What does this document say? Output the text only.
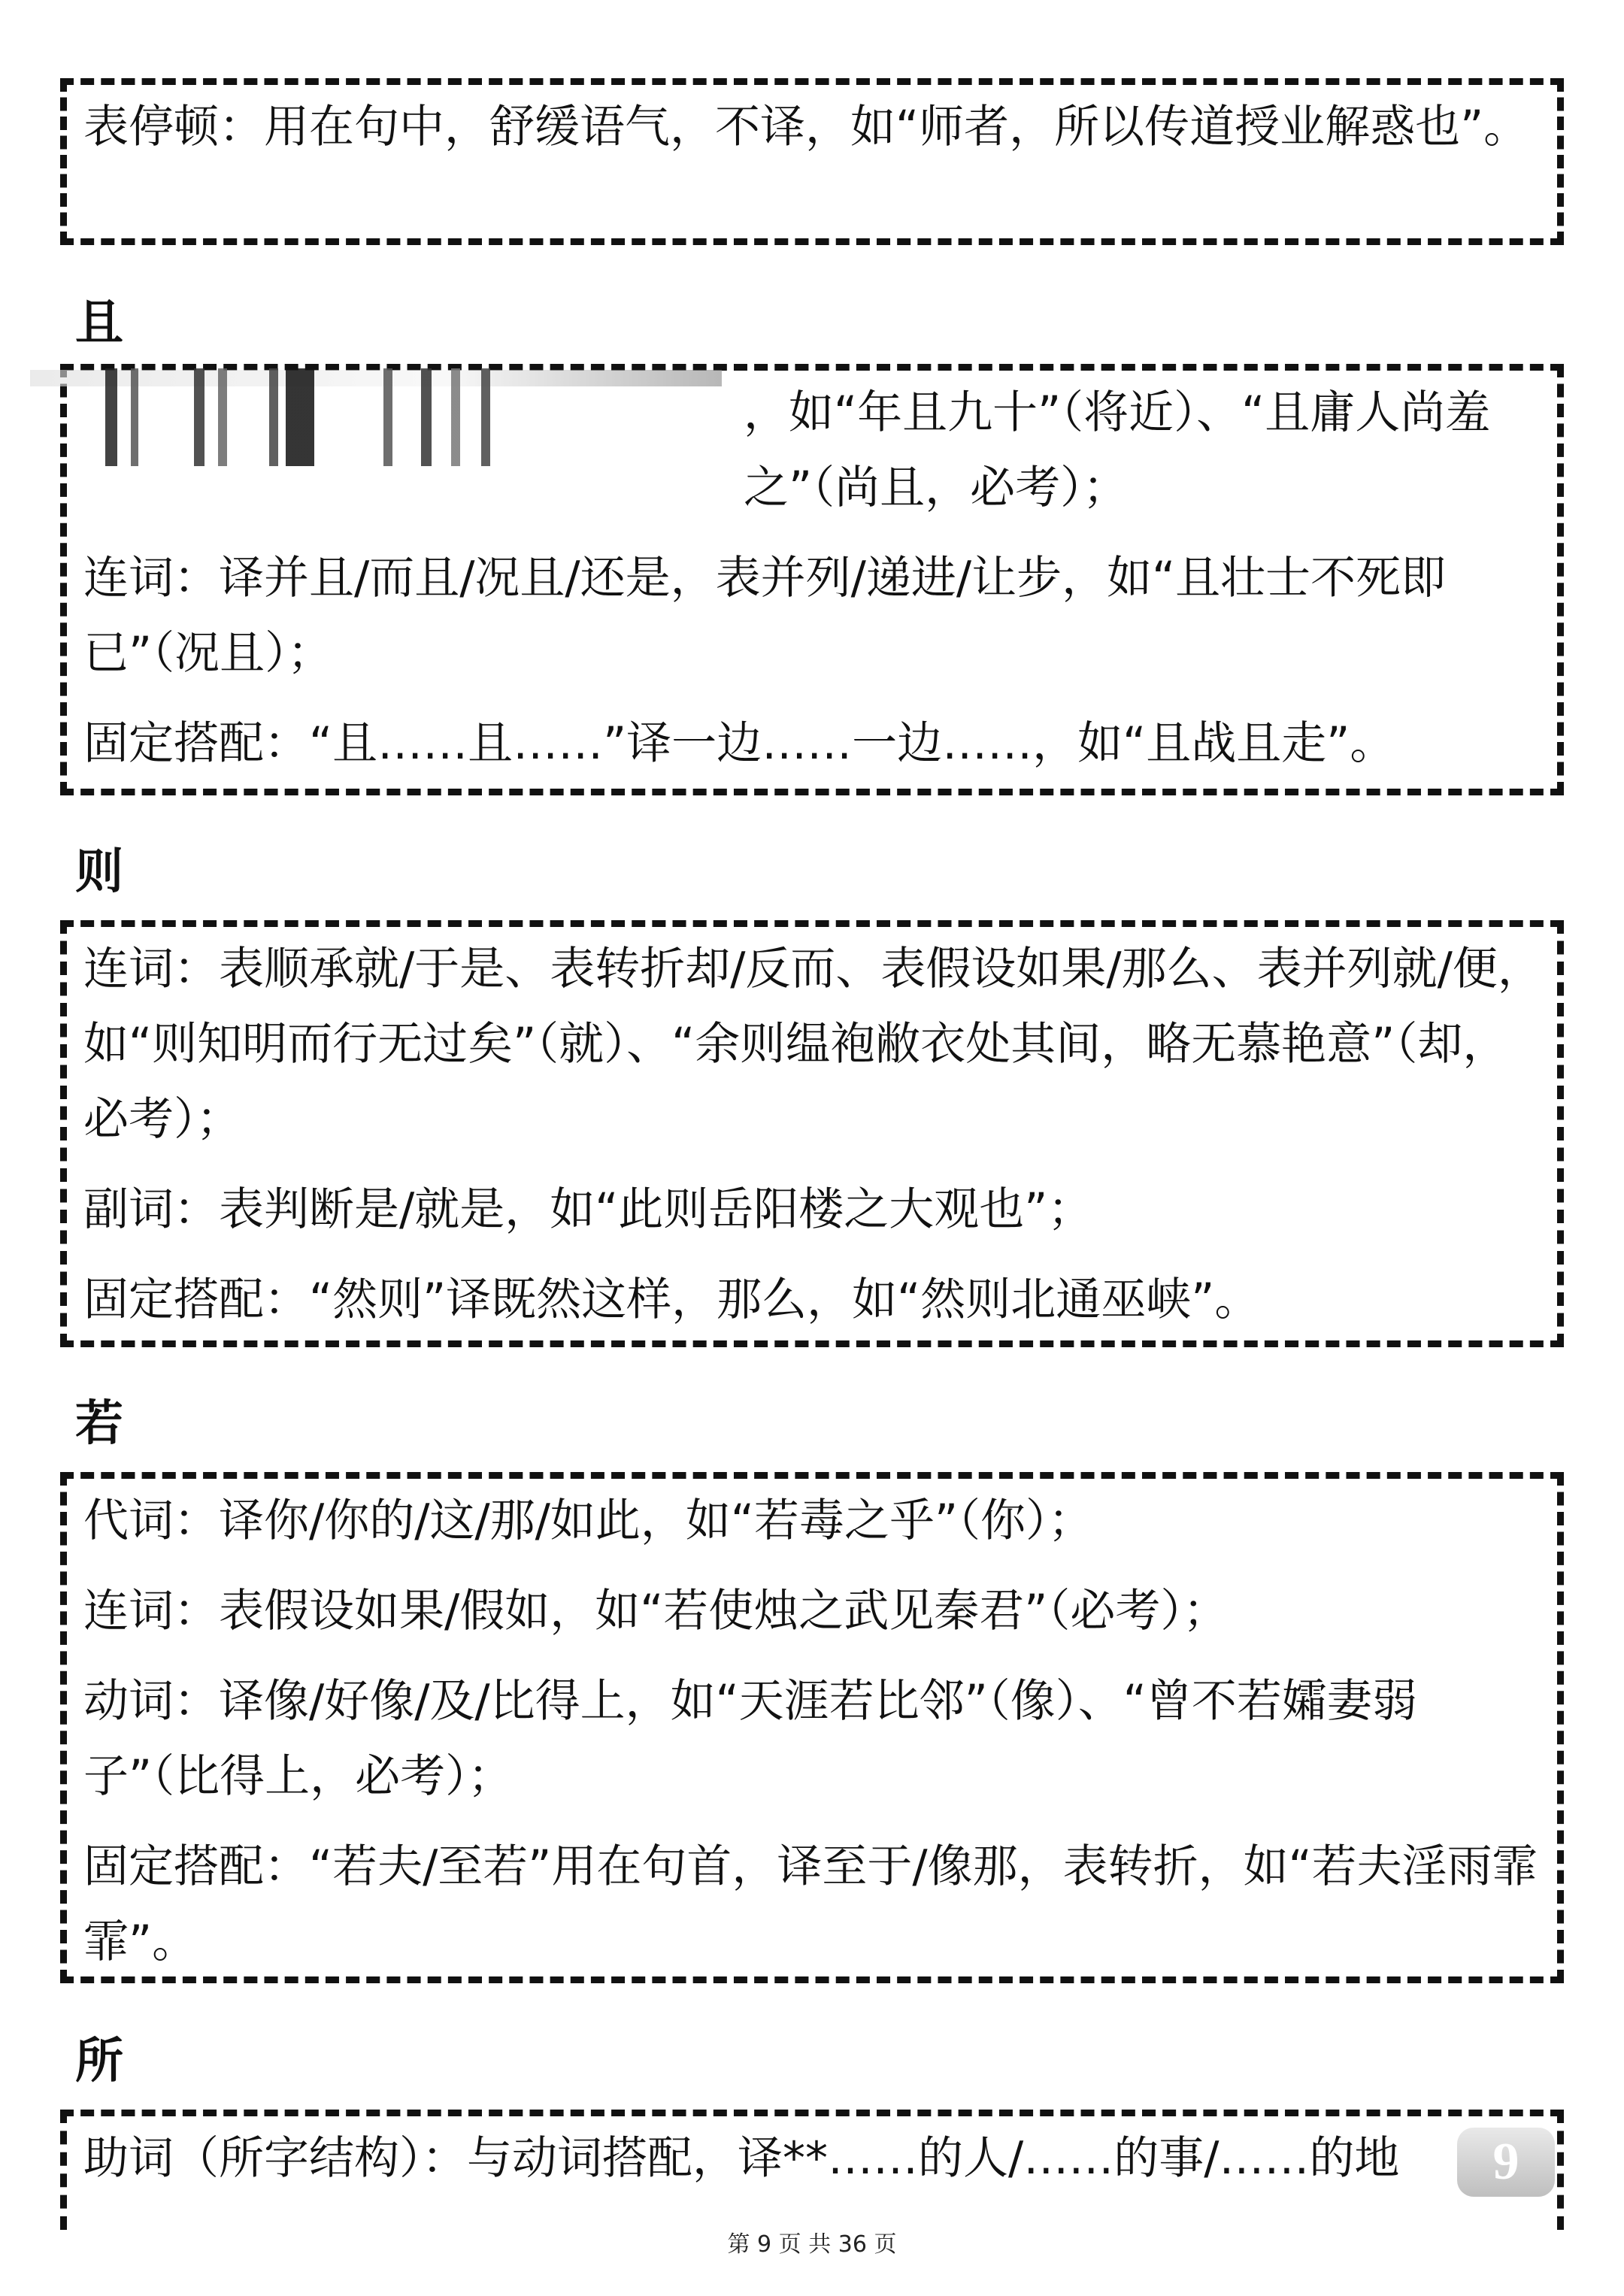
表停顿：用在句中，舒缓语气，不译，如“师者，所以传道授业解惑也”。

且

，如“年且九十”（将近）、“且庸人尚羞之”（尚且，必考）；

连词：译并且/而且/况且/还是，表并列/递进/让步，如“且壮士不死即已”（况且）；

固定搭配：“且……且……”译一边……一边……，如“且战且走”。

则

连词：表顺承就/于是、表转折却/反而、表假设如果/那么、表并列就/便，如“则知明而行无过矣”（就）、“余则缊袍敝衣处其间，略无慕艳意”（却，必考）；

副词：表判断是/就是，如“此则岳阳楼之大观也”；

固定搭配：“然则”译既然这样，那么，如“然则北通巫峡”。

若

代词：译你/你的/这/那/如此，如“若毒之乎”（你）；

连词：表假设如果/假如，如“若使烛之武见秦君”（必考）；

动词：译像/好像/及/比得上，如“天涯若比邻”（像）、“曾不若孀妻弱子”（比得上，必考）；

固定搭配：“若夫/至若”用在句首，译至于/像那，表转折，如“若夫淫雨霏霏”。

所

助词（所字结构）：与动词搭配，译**……的人/……的事/……的地	9
第 9 页 共 36 页
